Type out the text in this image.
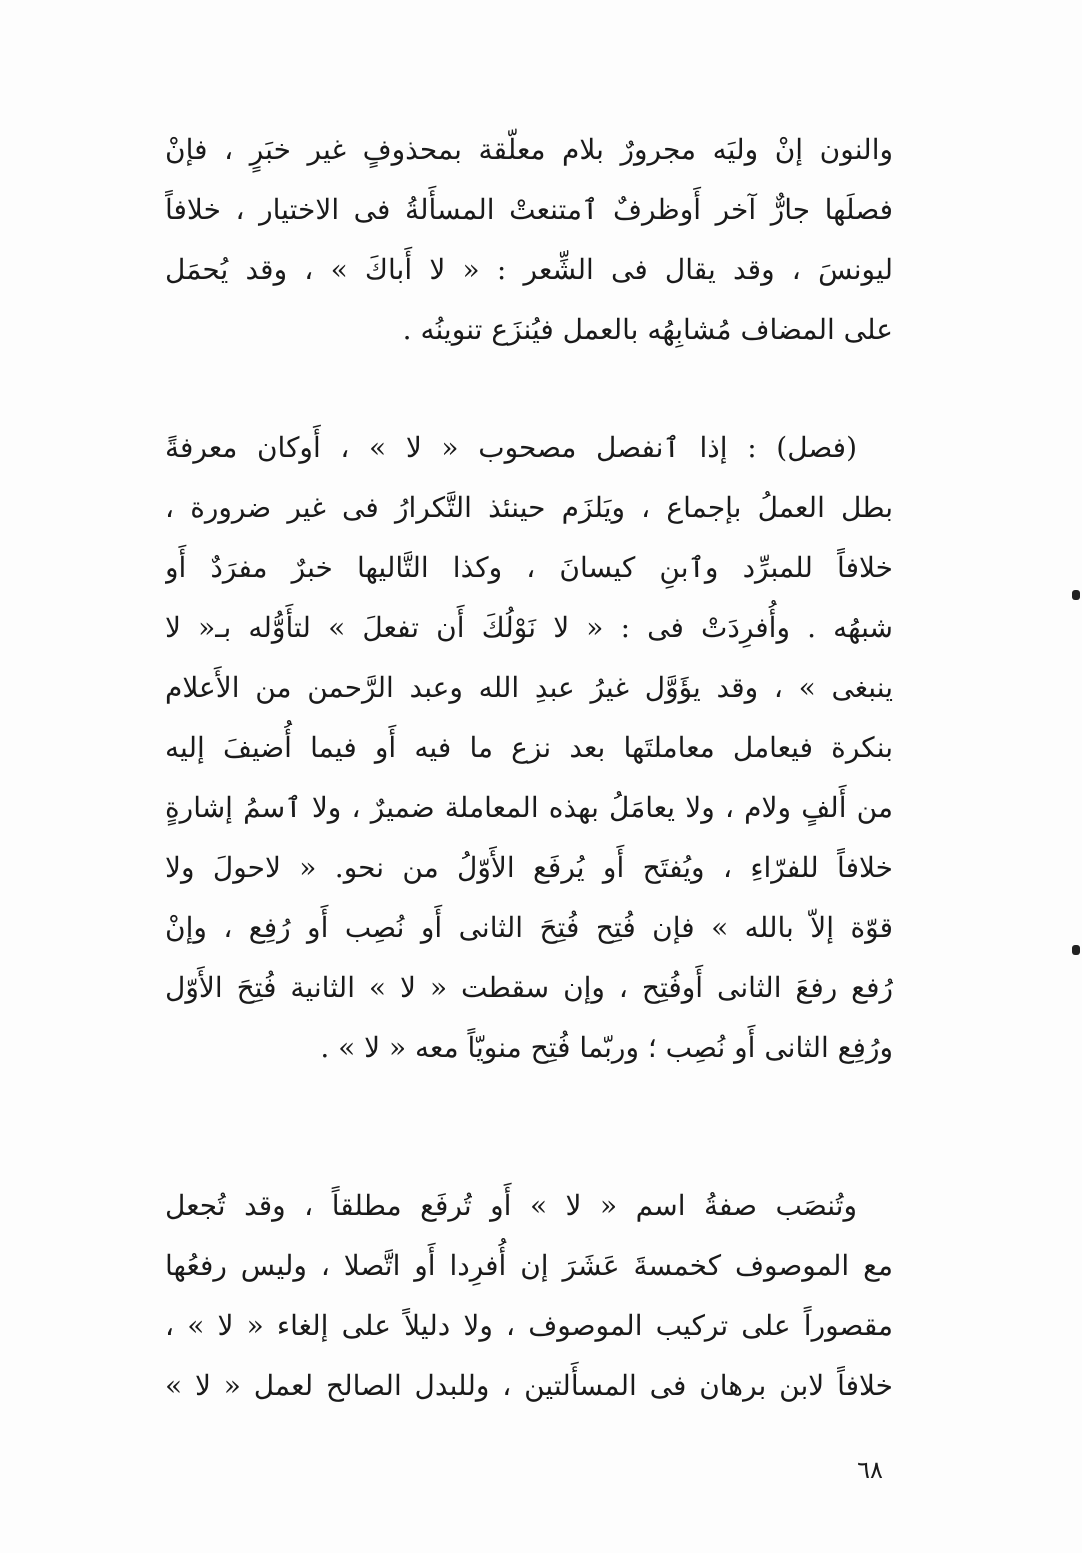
والنون إنْ وليَه مجرورٌ بلام معلّقة بمحذوفٍ غير خبَرٍ ، فإنْ
فصلَها جارٌّ آخر أَوظرفٌ ٱمتنعتْ المسأَلةُ فى الاختيار ، خلافاً
ليونسَ ، وقد يقال فى الشِّعر : « لا أَباكَ » ، وقد يُحمَل
على المضاف مُشابِهُه بالعمل فيُنزَع تنوينُه .
(فصل) : إذا ٱنفصل مصحوب « لا » ، أَوكان معرفةً
بطل العملُ بإجماع ، ويَلزَم حينئذ التَّكرارُ فى غير ضرورة ،
خلافاً للمبرِّد وٱبنِ كيسانَ ، وكذا التَّاليها خبرٌ مفرَدٌ أَو
شبهُه . وأُفرِدَتْ فى : « لا نَوْلُكَ أَن تفعلَ » لتأَوُّله بـ« لا
ينبغى » ، وقد يؤَوَّل غيرُ عبدِ الله وعبد الرَّحمن من الأَعلام
بنكرة فيعامل معاملتَها بعد نزع ما فيه أَو فيما أُضيفَ إليه
من أَلفٍ ولام ، ولا يعامَلُ بهذه المعاملة ضميرٌ ، ولا ٱسمُ إشارةٍ
خلافاً للفرّاءِ ، ويُفتَح أَو يُرفَع الأَوّلُ من نحو. « لاحولَ ولا
قوّة إلاّ بالله » فإن فُتِح فُتِحَ الثانى أَو نُصِب أَو رُفِع ، وإنْ
رُفع رفعَ الثانى أَوفُتِح ، وإن سقطت « لا » الثانية فُتِحَ الأَوّل
ورُفِع الثانى أَو نُصِب ؛ وربّما فُتِح منويّاً معه « لا » .
وتُنصَب صفةُ اسم « لا » أَو تُرفَع مطلقاً ، وقد تُجعل
مع الموصوف كخمسةَ عَشَرَ إن أُفرِدا أَو اتَّصلا ، وليس رفعُها
مقصوراً على تركيب الموصوف ، ولا دليلاً على إلغاء « لا » ،
خلافاً لابن برهان فى المسأَلتين ، وللبدل الصالح لعمل « لا »
٦٨
